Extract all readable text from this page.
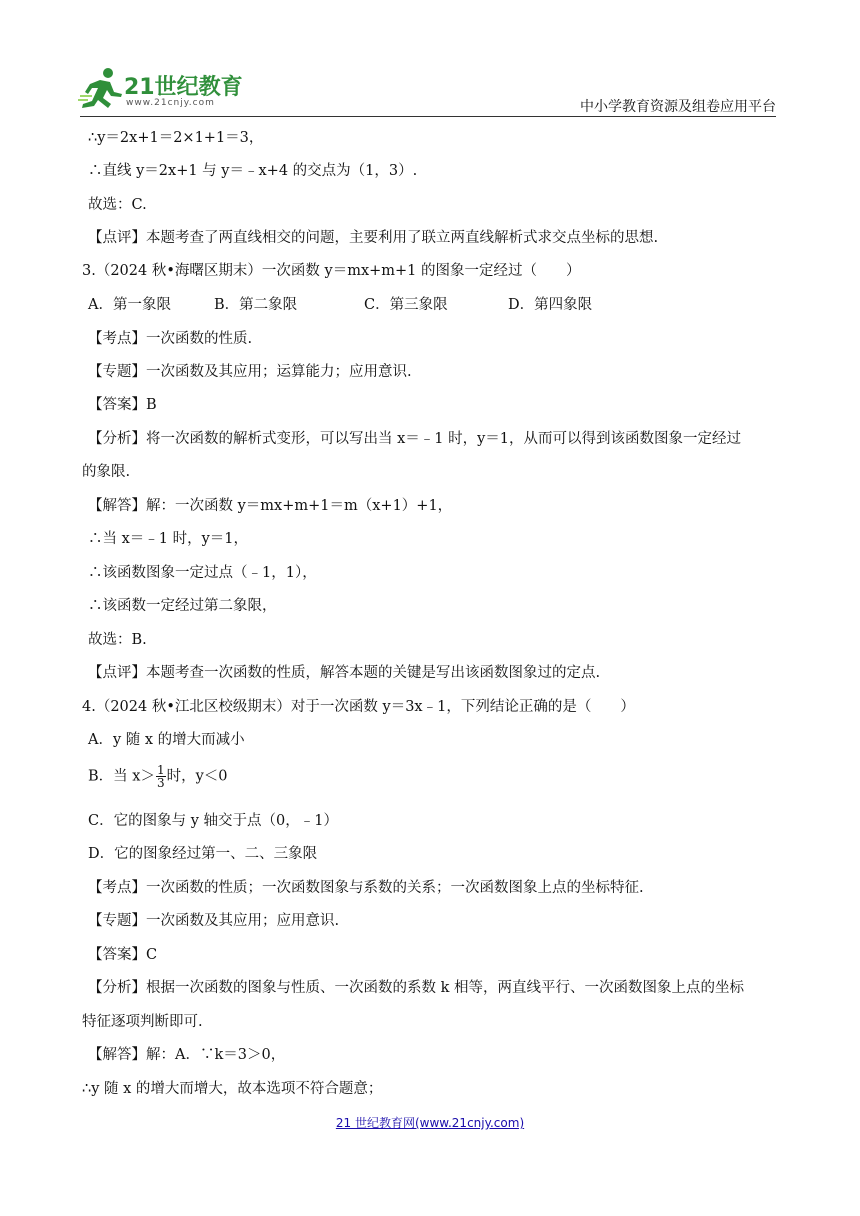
21世纪教育
www.21cnjy.com	中小学教育资源及组卷应用平台
∴y＝2x+1＝2×1+1＝3，
∴直线 y＝2x+1 与 y＝﹣x+4 的交点为（1，3）.
故选：C.
【点评】本题考查了两直线相交的问题，主要利用了联立两直线解析式求交点坐标的思想.
3.（2024 秋•海曙区期末）一次函数 y＝mx+m+1 的图象一定经过（　　）
A．第一象限	B．第二象限	C．第三象限	D．第四象限
【考点】一次函数的性质.
【专题】一次函数及其应用；运算能力；应用意识.
【答案】B
【分析】将一次函数的解析式变形，可以写出当 x＝﹣1 时，y＝1，从而可以得到该函数图象一定经过
的象限.
【解答】解：一次函数 y＝mx+m+1＝m（x+1）+1，
∴当 x＝﹣1 时，y＝1，
∴该函数图象一定过点（﹣1，1），
∴该函数一定经过第二象限，
故选：B.
【点评】本题考查一次函数的性质，解答本题的关键是写出该函数图象过的定点.
4.（2024 秋•江北区校级期末）对于一次函数 y＝3x﹣1，下列结论正确的是（　　）
A．y 随 x 的增大而减小
B．当 $x> \frac{1}{3}$ 时，y＜0
C．它的图象与 y 轴交于点（0，﹣1）
D．它的图象经过第一、二、三象限
【考点】一次函数的性质；一次函数图象与系数的关系；一次函数图象上点的坐标特征.
【专题】一次函数及其应用；应用意识.
【答案】C
【分析】根据一次函数的图象与性质、一次函数的系数 k 相等，两直线平行、一次函数图象上点的坐标
特征逐项判断即可.
【解答】解：A．∵k＝3＞0，
∴y 随 x 的增大而增大，故本选项不符合题意；
21 世纪教育网(www.21cnjy.com)
